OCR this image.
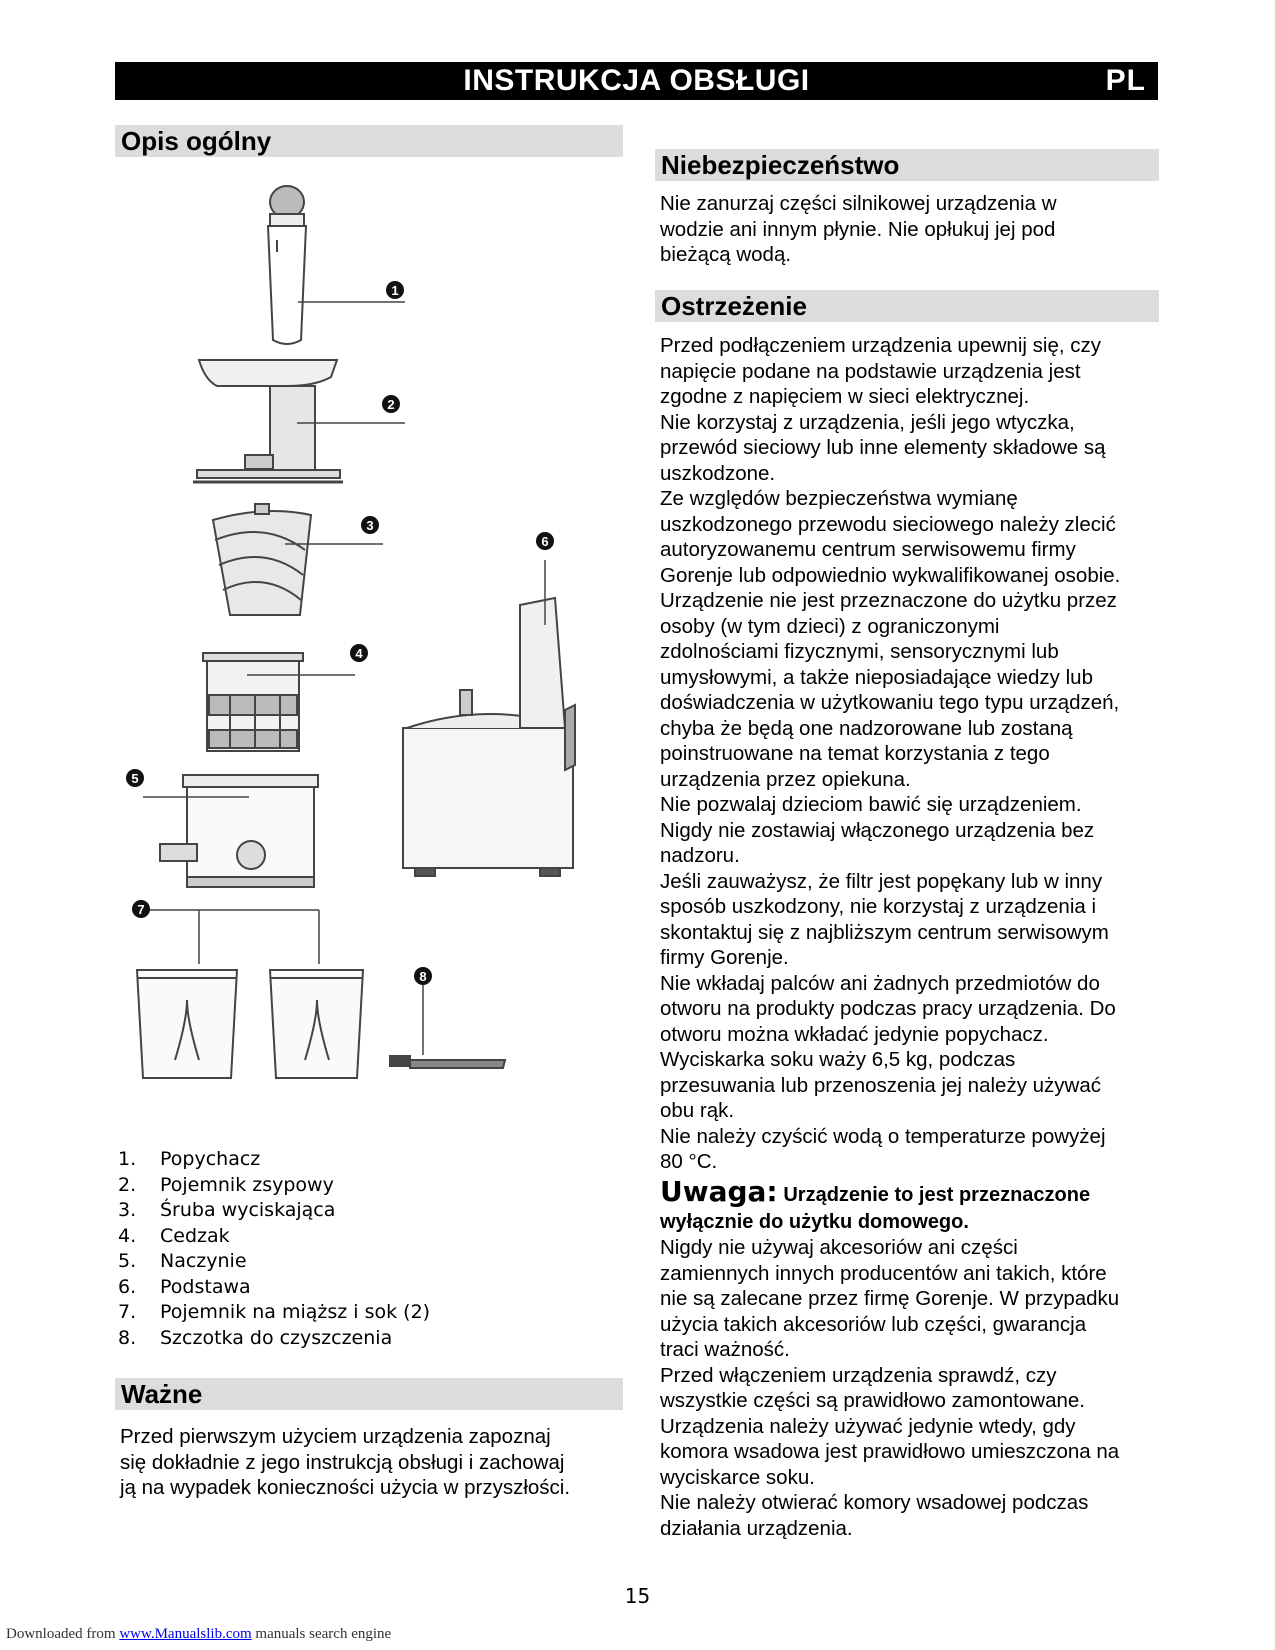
INSTRUKCJA OBSŁUGI	PL
Opis ogólny
1
2
3
4
5
6
7
8
1. Popychacz
2. Pojemnik zsypowy
3. Śruba wyciskająca
4. Cedzak
5. Naczynie
6. Podstawa
7. Pojemnik na miąższ i sok (2)
8. Szczotka do czyszczenia
Ważne

Przed pierwszym użyciem urządzenia zapoznaj

się dokładnie z jego instrukcją obsługi i zachowaj

ją na wypadek konieczności użycia w przyszłości.

Niebezpieczeństwo

Nie zanurzaj części silnikowej urządzenia w

wodzie ani innym płynie. Nie opłukuj jej pod

bieżącą wodą.

Ostrzeżenie

Przed podłączeniem urządzenia upewnij się, czy

napięcie podane na podstawie urządzenia jest

zgodne z napięciem w sieci elektrycznej.

Nie korzystaj z urządzenia, jeśli jego wtyczka,

przewód sieciowy lub inne elementy składowe są

uszkodzone.

Ze względów bezpieczeństwa wymianę

uszkodzonego przewodu sieciowego należy zlecić

autoryzowanemu centrum serwisowemu firmy

Gorenje lub odpowiednio wykwalifikowanej osobie.

Urządzenie nie jest przeznaczone do użytku przez

osoby (w tym dzieci) z ograniczonymi

zdolnościami fizycznymi, sensorycznymi lub

umysłowymi, a także nieposiadające wiedzy lub

doświadczenia w użytkowaniu tego typu urządzeń,

chyba że będą one nadzorowane lub zostaną

poinstruowane na temat korzystania z tego

urządzenia przez opiekuna.

Nie pozwalaj dzieciom bawić się urządzeniem.

Nigdy nie zostawiaj włączonego urządzenia bez

nadzoru.

Jeśli zauważysz, że filtr jest popękany lub w inny

sposób uszkodzony, nie korzystaj z urządzenia i

skontaktuj się z najbliższym centrum serwisowym

firmy Gorenje.

Nie wkładaj palców ani żadnych przedmiotów do

otworu na produkty podczas pracy urządzenia. Do

otworu można wkładać jedynie popychacz.

Wyciskarka soku waży 6,5 kg, podczas

przesuwania lub przenoszenia jej należy używać

obu rąk.

Nie należy czyścić wodą o temperaturze powyżej

80 °C.

Uwaga: Urządzenie to jest przeznaczone

wyłącznie do użytku domowego.

Nigdy nie używaj akcesoriów ani części

zamiennych innych producentów ani takich, które

nie są zalecane przez firmę Gorenje. W przypadku

użycia takich akcesoriów lub części, gwarancja

traci ważność.

Przed włączeniem urządzenia sprawdź, czy

wszystkie części są prawidłowo zamontowane.

Urządzenia należy używać jedynie wtedy, gdy

komora wsadowa jest prawidłowo umieszczona na

wyciskarce soku.

Nie należy otwierać komory wsadowej podczas

działania urządzenia.

15
Downloaded from www.Manualslib.com manuals search engine
